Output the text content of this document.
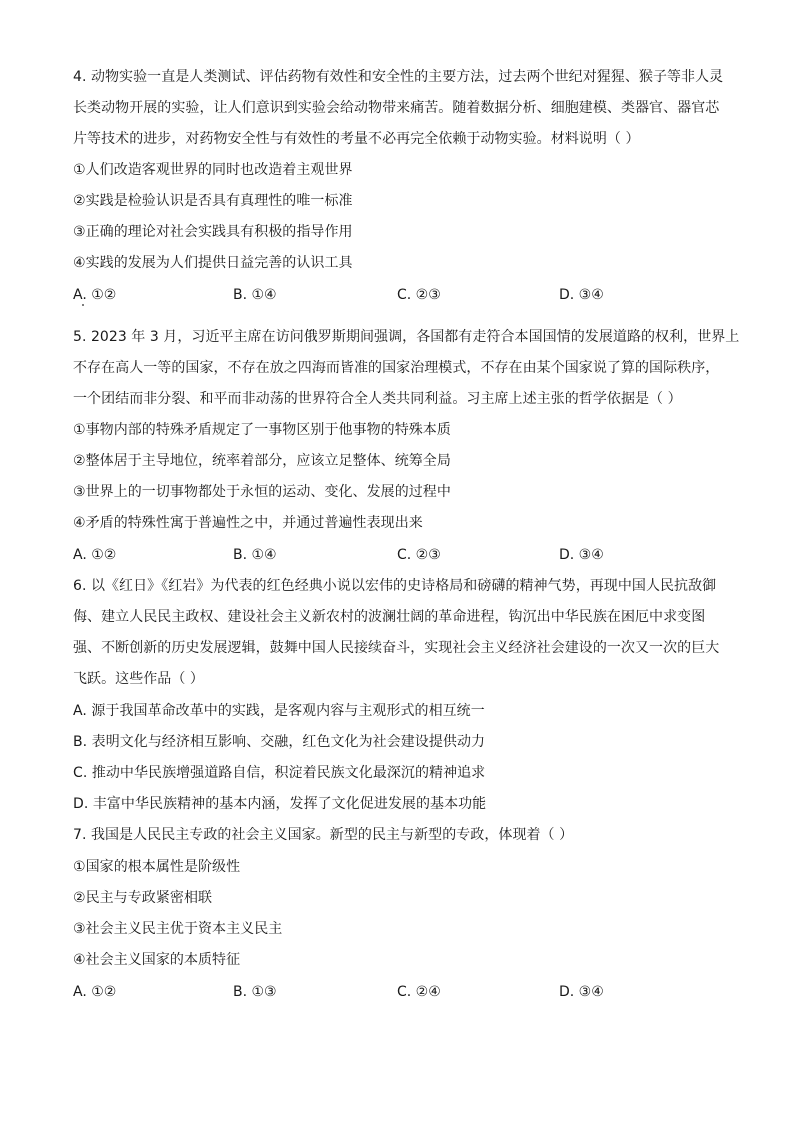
4. 动物实验一直是人类测试、评估药物有效性和安全性的主要方法，过去两个世纪对猩猩、猴子等非人灵
长类动物开展的实验，让人们意识到实验会给动物带来痛苦。随着数据分析、细胞建模、类器官、器官芯
片等技术的进步，对药物安全性与有效性的考量不必再完全依赖于动物实验。材料说明（ ）
①人们改造客观世界的同时也改造着主观世界
②实践是检验认识是否具有真理性的唯一标准
③正确的理论对社会实践具有积极的指导作用
④实践的发展为人们提供日益完善的认识工具
A. ①②	B. ①④	C. ②③	D. ③④
5. 2023 年 3 月，习近平主席在访问俄罗斯期间强调，各国都有走符合本国国情的发展道路的权利，世界上
不存在高人一等的国家，不存在放之四海而皆准的国家治理模式，不存在由某个国家说了算的国际秩序，
一个团结而非分裂、和平而非动荡的世界符合全人类共同利益。习主席上述主张的哲学依据是（ ）
①事物内部的特殊矛盾规定了一事物区别于他事物的特殊本质
②整体居于主导地位，统率着部分，应该立足整体、统筹全局
③世界上的一切事物都处于永恒的运动、变化、发展的过程中
④矛盾的特殊性寓于普遍性之中，并通过普遍性表现出来
A. ①②	B. ①④	C. ②③	D. ③④
6. 以《红日》《红岩》为代表的红色经典小说以宏伟的史诗格局和磅礴的精神气势，再现中国人民抗敌御
侮、建立人民民主政权、建设社会主义新农村的波澜壮阔的革命进程，钩沉出中华民族在困厄中求变图
强、不断创新的历史发展逻辑，鼓舞中国人民接续奋斗，实现社会主义经济社会建设的一次又一次的巨大
飞跃。这些作品（ ）
A. 源于我国革命改革中的实践，是客观内容与主观形式的相互统一
B. 表明文化与经济相互影响、交融，红色文化为社会建设提供动力
C. 推动中华民族增强道路自信，积淀着民族文化最深沉的精神追求
D. 丰富中华民族精神的基本内涵，发挥了文化促进发展的基本功能
7. 我国是人民民主专政的社会主义国家。新型的民主与新型的专政，体现着（ ）
①国家的根本属性是阶级性
②民主与专政紧密相联
③社会主义民主优于资本主义民主
④社会主义国家的本质特征
A. ①②	B. ①③	C. ②④	D. ③④
